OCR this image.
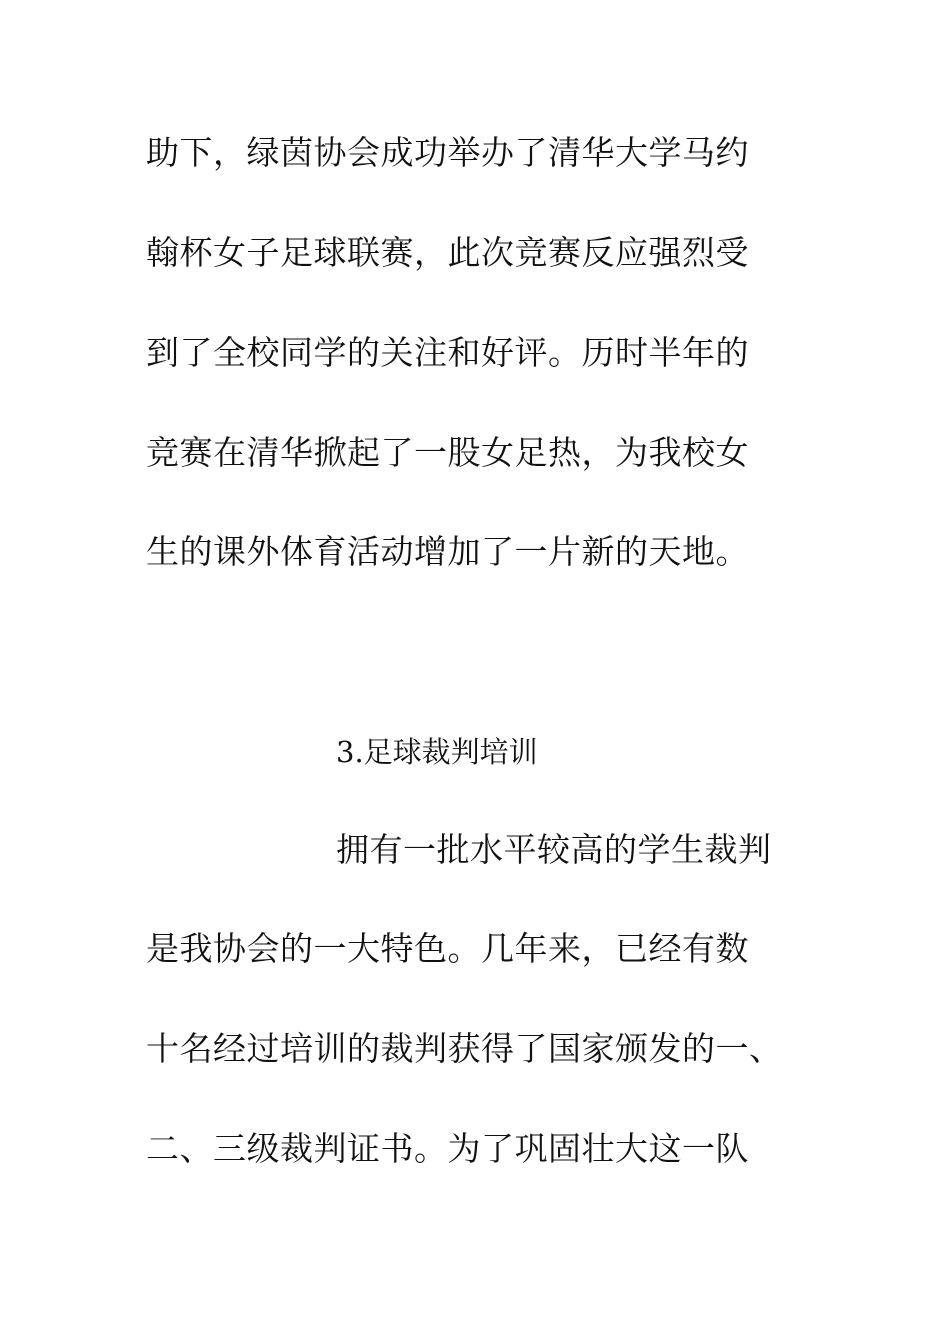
助下，绿茵协会成功举办了清华大学马约
翰杯女子足球联赛，此次竞赛反应强烈受
到了全校同学的关注和好评。历时半年的
竞赛在清华掀起了一股女足热，为我校女
生的课外体育活动增加了一片新的天地。
3.足球裁判培训
拥有一批水平较高的学生裁判
是我协会的一大特色。几年来，已经有数
十名经过培训的裁判获得了国家颁发的一、
二、三级裁判证书。为了巩固壮大这一队
